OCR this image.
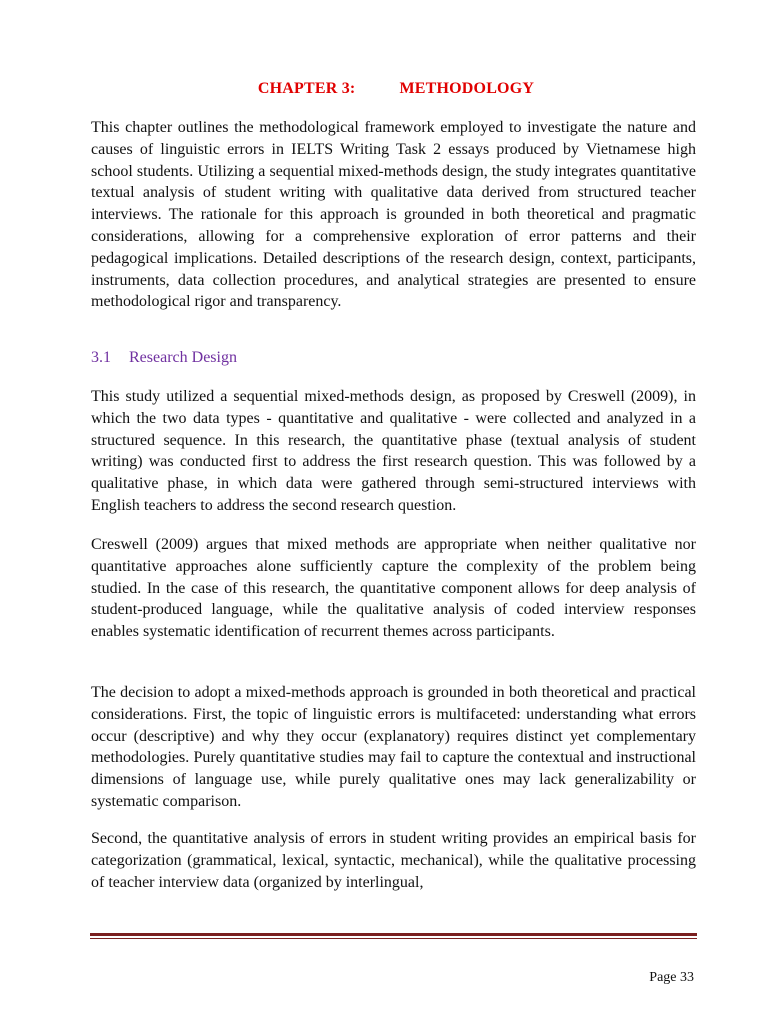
CHAPTER 3:	METHODOLOGY

This chapter outlines the methodological framework employed to investigate the nature and causes of linguistic errors in IELTS Writing Task 2 essays produced by Vietnamese high school students. Utilizing a sequential mixed-methods design, the study integrates quantitative textual analysis of student writing with qualitative data derived from structured teacher interviews. The rationale for this approach is grounded in both theoretical and pragmatic considerations, allowing for a comprehensive exploration of error patterns and their pedagogical implications. Detailed descriptions of the research design, context, participants, instruments, data collection procedures, and analytical strategies are presented to ensure methodological rigor and transparency.

3.1 Research Design

This study utilized a sequential mixed-methods design, as proposed by Creswell (2009), in which the two data types - quantitative and qualitative - were collected and analyzed in a structured sequence. In this research, the quantitative phase (textual analysis of student writing) was conducted first to address the first research question. This was followed by a qualitative phase, in which data were gathered through semi-structured interviews with English teachers to address the second research question.

Creswell (2009) argues that mixed methods are appropriate when neither qualitative nor quantitative approaches alone sufficiently capture the complexity of the problem being studied. In the case of this research, the quantitative component allows for deep analysis of student-produced language, while the qualitative analysis of coded interview responses enables systematic identification of recurrent themes across participants.

The decision to adopt a mixed-methods approach is grounded in both theoretical and practical considerations. First, the topic of linguistic errors is multifaceted: understanding what errors occur (descriptive) and why they occur (explanatory) requires distinct yet complementary methodologies. Purely quantitative studies may fail to capture the contextual and instructional dimensions of language use, while purely qualitative ones may lack generalizability or systematic comparison.

Second, the quantitative analysis of errors in student writing provides an empirical basis for categorization (grammatical, lexical, syntactic, mechanical), while the qualitative processing of teacher interview data (organized by interlingual,

Page 33
